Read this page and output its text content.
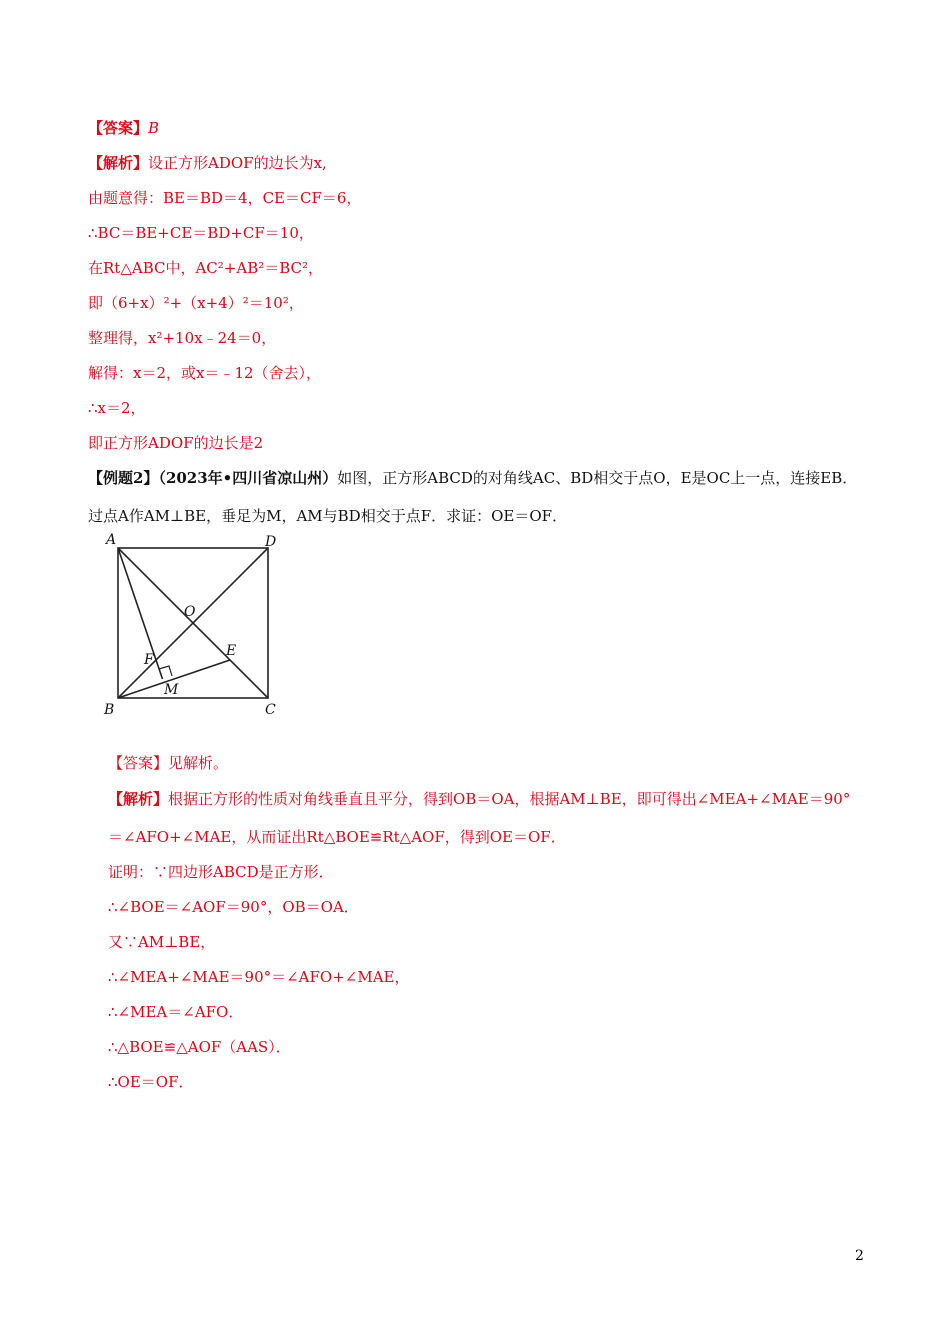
【答案】B
【解析】设正方形ADOF的边长为x,
由题意得：BE＝BD＝4，CE＝CF＝6，
∴BC＝BE+CE＝BD+CF＝10，
在Rt△ABC中，AC²+AB²＝BC²，
即（6+x）²+（x+4）²＝10²，
整理得，x²+10x﹣24＝0，
解得：x＝2，或x＝﹣12（舍去），
∴x＝2，
即正方形ADOF的边长是2
【例题2】（2023年•四川省凉山州）如图，正方形ABCD的对角线AC、BD相交于点O，E是OC上一点，连接EB．过点A作AM⊥BE，垂足为M，AM与BD相交于点F．求证：OE＝OF．
A	D
B	C
O
E
F
M
【答案】见解析。
【解析】根据正方形的性质对角线垂直且平分，得到OB＝OA，根据AM⊥BE，即可得出∠MEA+∠MAE＝90°＝∠AFO+∠MAE，从而证出Rt△BOE≌Rt△AOF，得到OE＝OF．
证明：∵四边形ABCD是正方形．
∴∠BOE＝∠AOF＝90°，OB＝OA．
又∵AM⊥BE，
∴∠MEA+∠MAE＝90°＝∠AFO+∠MAE，
∴∠MEA＝∠AFO．
∴△BOE≌△AOF（AAS）．
∴OE＝OF．
2
